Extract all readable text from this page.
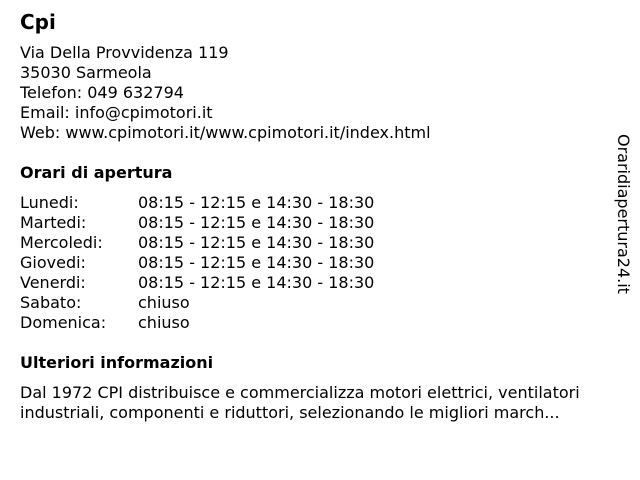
Cpi
Via Della Provvidenza 119
35030 Sarmeola
Telefon: 049 632794
Email: info@cpimotori.it
Web: www.cpimotori.it/www.cpimotori.it/index.html
Orari di apertura
Lunedi:	08:15 - 12:15 e 14:30 - 18:30
Martedi:	08:15 - 12:15 e 14:30 - 18:30
Mercoledi: 08:15 - 12:15 e 14:30 - 18:30
Giovedi:	08:15 - 12:15 e 14:30 - 18:30
Venerdi:	08:15 - 12:15 e 14:30 - 18:30
Sabato:	chiuso
Domenica: chiuso
Ulteriori informazioni
Dal 1972 CPI distribuisce e commercializza motori elettrici, ventilatori industriali, componenti e riduttori, selezionando le migliori march...
Oraridiapertura24.it
